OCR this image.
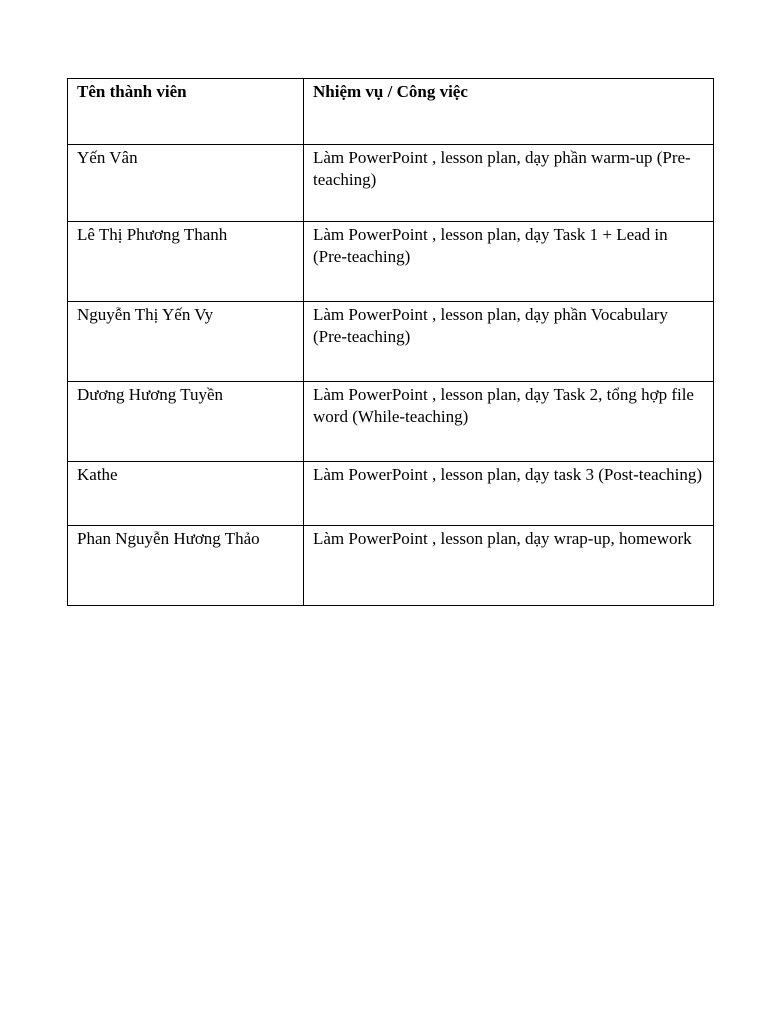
Tên thành viên	Nhiệm vụ / Công việc
Yến Vân	Làm PowerPoint , lesson plan, dạy phần warm-up (Pre-teaching)
Lê Thị Phương Thanh	Làm PowerPoint , lesson plan, dạy Task 1 + Lead in (Pre-teaching)
Nguyễn Thị Yến Vy	Làm PowerPoint , lesson plan, dạy phần Vocabulary (Pre-teaching)
Dương Hương Tuyền	Làm PowerPoint , lesson plan, dạy Task 2, tổng hợp file word (While-teaching)
Kathe	Làm PowerPoint , lesson plan, dạy task 3 (Post-teaching)
Phan Nguyễn Hương Thảo	Làm PowerPoint , lesson plan, dạy wrap-up, homework
